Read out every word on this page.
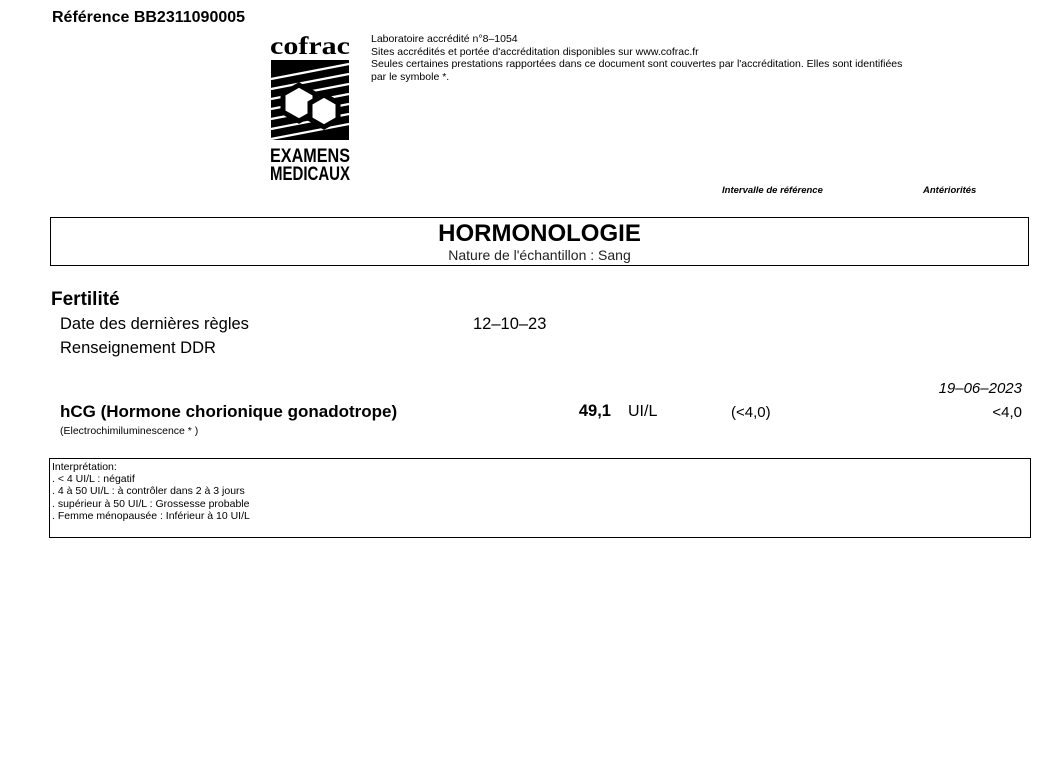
Référence BB2311090005
cofrac
EXAMENS
MEDICAUX
Laboratoire accrédité n°8–1054
Sites accrédités et portée d'accréditation disponibles sur www.cofrac.fr
Seules certaines prestations rapportées dans ce document sont couvertes par l'accréditation. Elles sont identifiées
par le symbole *.
Intervalle de référence	Antériorités
HORMONOLOGIE
Nature de l'échantillon : Sang
Fertilité
Date des dernières règles	12–10–23
Renseignement DDR
19–06–2023
hCG (Hormone chorionique gonadotrope)
(Electrochimiluminescence * )
49,1 UI/L	(<4,0)	<4,0
Interprétation:
. < 4 UI/L : négatif
. 4 à 50 UI/L : à contrôler dans 2 à 3 jours
. supérieur à 50 UI/L : Grossesse probable
. Femme ménopausée : Inférieur à 10 UI/L
